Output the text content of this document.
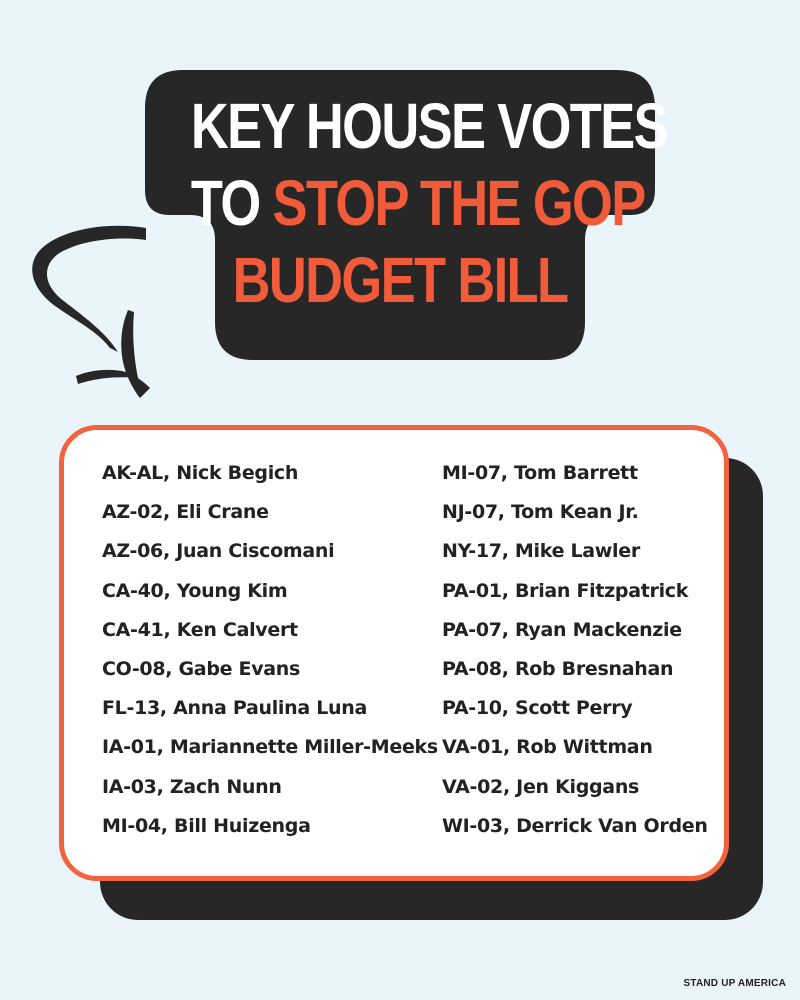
KEY HOUSE VOTES
TO STOP THE GOP
BUDGET BILL
AK-AL, Nick Begich
AZ-02, Eli Crane
AZ-06, Juan Ciscomani
CA-40, Young Kim
CA-41, Ken Calvert
CO-08, Gabe Evans
FL-13, Anna Paulina Luna
IA-01, Mariannette Miller-Meeks
IA-03, Zach Nunn
MI-04, Bill Huizenga
MI-07, Tom Barrett
NJ-07, Tom Kean Jr.
NY-17, Mike Lawler
PA-01, Brian Fitzpatrick
PA-07, Ryan Mackenzie
PA-08, Rob Bresnahan
PA-10, Scott Perry
VA-01, Rob Wittman
VA-02, Jen Kiggans
WI-03, Derrick Van Orden
STAND UP AMERICA
